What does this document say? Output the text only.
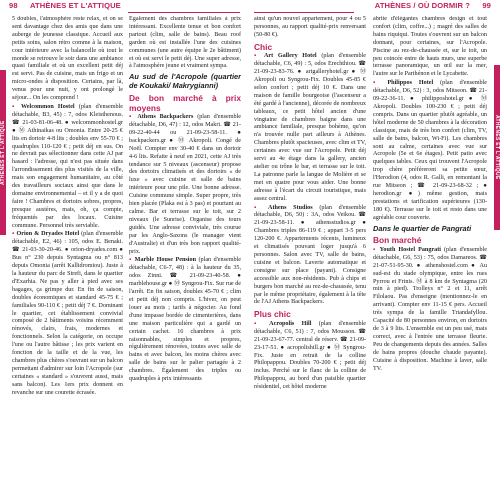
98 ATHÈNES ET L'ATTIQUE	ATHÈNES / OÙ DORMIR ? 99
ATHÈNES ET L'ATTIQUE	ATHÈNES ET L'ATTIQUE

5 doubles, l'atmosphère reste relax, et on se sent davantage chez des amis que dans une auberge de jeunesse classique. Accueil aux petits soins, salon rétro comme à la maison, cour intérieure avec la balancelle où tout le monde se retrouve le soir dans une ambiance quasi familiale et où un excellent petit déj est servi. Pas de cuisine, mais un frigo et un micro-ondes à disposition. Certains, par là, venus pour une nuit, y ont prolongé le séjour... On les comprend !

▪ Welcommon Hostel (plan d'ensemble détachable, B3, 45) : 7, odos Kleisthenous. ☎ 21-03-81-06-48. ● welcommonhostel.gr ● Ⓜ Athinaikas ou Omonia. Entre 20-25 € lits en dortoir 4-8 lits ; doubles env 55-70 € ; quadruples 110-120 € ; petit déj en sus. On ne devrait pas sélectionner dans cette AJ par hasard : l'adresse, qui n'est pas située dans l'arrondissement des plus visités de la ville, mais son engagement humanitaire, au côté des travailleurs sociaux ainsi que dans le domaine environnemental – et il y a de quoi faire ! Chambres et dortoirs sobres, propres, presque austères, mais, oh, ça compte, fréquentés par des locaux. Cuisine commune. Personnel très serviable.

▪ Orion & Dryades Hotel (plan d'ensemble détachable, E2, 46) : 105, odos E. Benaki. ☎ 21-03-30-20-46. ● orion-dryades.com ● Bus n° 230 depuis Syntagma ou n° 813 depuis Omonia (arrêt Kallidromiou). Juste à la hauteur du parc de Strefi, dans le quartier d'Exarhia. Ne pas y aller à pied avec ses bagages, ça grimpe dur. En fin de saison, doubles économiques et standard 45-75 € ; familiales 90-110 € ; petit déj 7 €. Dominant le quartier, cet établissement convivial composé de 2 bâtiments voisins récemment rénovés, clairs, frais, modernes et fonctionnels. Selon la catégorie, on occupe l'une ou l'autre bâtisse ; les prix varient en fonction de la taille et de la vue, les chambres plus chères s'ouvrant sur un balcon permettant d'admirer sur loin l'Acropole (sur certaines « standard » s'ouvrent aussi, mais sans balcon). Les 1ers prix donnent en revanche sur une courette écrasée.

Également des chambres familiales à prix intéressant. Excellente tenue et bon confort partout (clim, salle de bains). Beau roof garden où est installée l'une des cuisines communes (une autre équipe le 2e bâtiment) et où est servi le petit déj. Une super adresse, à l'atmosphère jeune et vraiment sympa.

Au sud de l'Acropole (quartier de Koukaki/ Makrygianni)
De bon marché à prix moyens

▪ Athens Backpackers (plan d'ensemble détachable, D6, 47) : 12, odos Makri. ☎ 21-09-22-40-44 ou 21-09-23-58-11. ● backpackers.gr ● Ⓜ Akropoli. Congé de Noël. Compter env 30-40 € dans un dortoir 4-6 lits. Refaite à neuf en 2021, cette AJ très tendance sur 5 niveaux (ascenseur) propose des dortoirs climatisés et des dortoirs « de luxe » avec cuisine et salle de bains intérieure pour une pile. Une bonne adresse. Cuisine commune simple. Super propre, très bien placée (Plaka est à 3 pas) et pourtant au calme. Bar et terrasse sur le toit, sur 2 niveaux (le Sunrise). Organise des tours guidés. Une adresse conviviale, très courue par les Anglo-Saxons (le manager vient d'Australie) et d'un très bon rapport qualité-prix.

▪ Marble House Pension (plan d'ensemble détachable, C6-7, 48) : à la hauteur du 35, odos Zinni. ☎ 21-09-23-40-58. ● marblehouse.gr ● Ⓜ Syngrou-Fix. Sur rue de l'arrêt. En fin saison, doubles 45-70 € ; clim et petit déj non compris. L'hiver, on peut louer au mois ; tarifs à négocier. Au fond d'une impasse bordée de cimenterières, dans une maison particulière qui a gardé un certain cachet. 16 chambres à prix raisonnables, simples et propres, régulièrement rénovées, toutes avec salle de bains et avec balcon, les moins chères avec salle de bains sur le palier partagée à 2 chambres. Également des triples ou quadruples à prix intéressants

ainsi qu'un nouvel appartement, pour 4 ou 5 personnes, au rapport qualité-prix renversant (50-80 €).

Chic

▪ Art Gallery Hotel (plan d'ensemble détachable, C6, 49) : 5, odos Erechthiou. ☎ 21-09-23-83-76. ● artgalleryhotel.gr ● Ⓜ Akropoli ou Syngrou-Fix. Doubles 45-85 € selon confort ; petit déj 10 €. Dans une maison de famille bourgeoise (l'ascenseur a été gardé à l'ancienne), décorée de nombreux tableaux, ce petit hôtel ancien d'une vingtaine de chambres baigne dans une ambiance familiale, presque bohème, qu'on n'a trouvée nulle part ailleurs à Athènes. Chambres plutôt spacieuses, avec clim et TV, certaines avec vue sur l'Acropole. Petit déj servi au 4e étage dans la gallery, ancien atelier ou trône le bar, et terrasse sur le toit. La patronne parle la langue de Molière et se met en quatre pour vous aider. Une bonne adresse à l'écart du circuit touristique, mais assez central.

▪ Athens Studios (plan d'ensemble détachable, D6, 50) : 3A, odos Veikou. ☎ 21-09-23-58-11. ● athensstudios.gr ● Chambres triples 86-119 € ; appart 3-5 pers 120-200 €. Appartements récents, lumineux et climatisés pouvant loger jusqu'à 6 personnes. Salon avec TV, salle de bains, cuisine et balcon. Laverie automatique et consigne sur place (payant). Consigne accessible aux non-résidents. Pub à chips et burgers bon marché au rez-de-chaussée, tenu par le même propriétaire, également à la tête de l'AJ Athens Backpackers.

Plus chic

▪ Acropolis Hill (plan d'ensemble détachable, C6, 51) : 7, odos Mousson. ☎ 21-09-23-67-77. central de réserv. ☎ 21-09-23-17-51. ● acropolishill.gr ● Ⓜ Syngrou-Fix. Juste en retrait de la colline Philopappou. Doubles 70-200 € ; petit déj inclus. Perché sur le flanc de la colline de Philopappou, au bord d'un paisible quartier résidentiel, cet hôtel moderne

abrite d'élégantes chambres design et tout confort (clim, coffre...) ; magré des salles de bains riquiqui. Toutes s'ouvrent sur un balcon donnant, pour certaines, sur l'Acropole. Piscine au rez-de-chaussée et, sur le toit, un peu coincée entre de hauts murs, une superbe terrasse panoramique, un œil sur la mer, l'autre sur le Parthénon et le Lycabette.

▪ Philippos Hotel (plan d'ensemble détachable, D6, 52) : 3, odos Mitseon. ☎ 21-09-22-36-11. ● philipposhotel.gr ● Ⓜ Akropoli. Doubles 100-230 € ; petit déj compris. Dans un quartier plutôt agréable, un hôtel moderne de 50 chambres à la décoration classique, mais de très bon confort (clim, TV, salle de bains, balcon, Wi-Fi). Les chambres sont au calme, certaines avec vue sur Acropole (5e et 6e étages). Petit patio avec quelques tables. Ceux qui trouvent l'Acropole trop chère préféreront sa petite sœur, l'Herodion (4, odos R. Galli, en remontant la rue Mitseon ; ☎ 21-09-23-68-32 ; ● herodion.gr ●) même gestion, mais prestations et tarification supérieures (130-180 €). Terrasse sur le toit et resto dans une agréable cour couverte.

Dans le quartier de Pangrati
Bon marché

▪ Youth Hostel Pangrati (plan d'ensemble détachable, G6, 53) : 75, odos Damareos. ☎ 21-07-51-95-30. ● athenshostel.com ● Au sud-est du stade olympique, entre les rues Pyrrou et Frinis. Ⓜ à 8 km de Syntagma (20 min à pied). Trolleys n° 2 et 11, arrêt Filolaou. Pas d'enseigne (mentionnez-le en arrivant). Compter env 11-15 € pers. Accueil très sympa de la famille Triandafyllou. Capacité de 80 personnes environ, en dortoirs de 3 à 9 lits. L'ensemble est un peu usé, mais correct, avec à l'entrée une terrasse fleurie. Peu de changements depuis des années. Salles de bains propres (douche chaude payante). Cuisine à disposition. Machine à laver, salle TV.
